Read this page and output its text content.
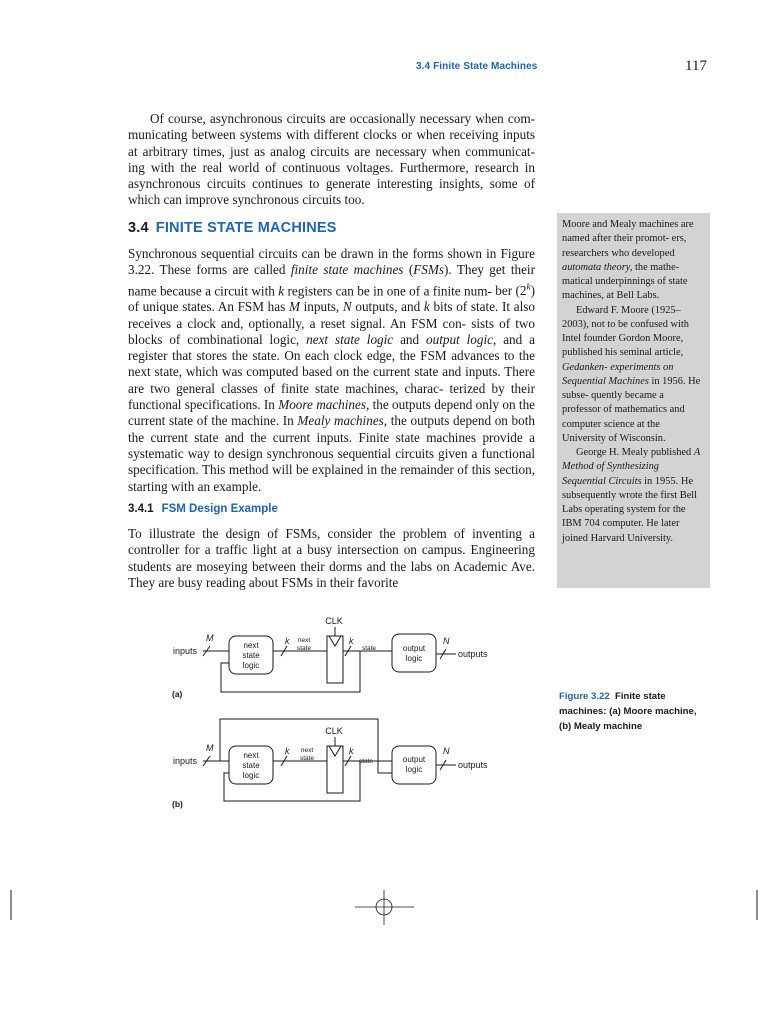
3.4 Finite State Machines	117
Of course, asynchronous circuits are occasionally necessary when com- municating between systems with different clocks or when receiving inputs at arbitrary times, just as analog circuits are necessary when communicat- ing with the real world of continuous voltages. Furthermore, research in asynchronous circuits continues to generate interesting insights, some of which can improve synchronous circuits too.
3.4 FINITE STATE MACHINES
Synchronous sequential circuits can be drawn in the forms shown in Figure 3.22. These forms are called finite state machines (FSMs). They get their name because a circuit with k registers can be in one of a finite num- ber (2$^k$) of unique states. An FSM has M inputs, N outputs, and k bits of state. It also receives a clock and, optionally, a reset signal. An FSM con- sists of two blocks of combinational logic, next state logic and output logic, and a register that stores the state. On each clock edge, the FSM advances to the next state, which was computed based on the current state and inputs. There are two general classes of finite state machines, charac- terized by their functional specifications. In Moore machines, the outputs depend only on the current state of the machine. In Mealy machines, the outputs depend on both the current state and the current inputs. Finite state machines provide a systematic way to design synchronous sequential circuits given a functional specification. This method will be explained in the remainder of this section, starting with an example.
3.4.1 FSM Design Example
To illustrate the design of FSMs, consider the problem of inventing a controller for a traffic light at a busy intersection on campus. Engineering students are moseying between their dorms and the labs on Academic Ave. They are busy reading about FSMs in their favorite

Moore and Mealy machines are named after their promot- ers, researchers who developed automata theory, the mathe- matical underpinnings of state machines, at Bell Labs.

Edward F. Moore (1925–2003), not to be confused with Intel founder Gordon Moore, published his seminal article, Gedanken- experiments on Sequential Machines in 1956. He subse- quently became a professor of mathematics and computer science at the University of Wisconsin.

George H. Mealy published A Method of Synthesizing Sequential Circuits in 1955. He subsequently wrote the first Bell Labs operating system for the IBM 704 computer. He later joined Harvard University.

Figure 3.22 Finite state
machines: (a) Moore machine,
(b) Mealy machine
CLK
inputs
M
next
state
logic
k next
state
k
state	output
logic
N
outputs
(a)
CLK
inputs
M
next
state
logic
k next
state
k
state	output
logic
N
outputs
(b)
